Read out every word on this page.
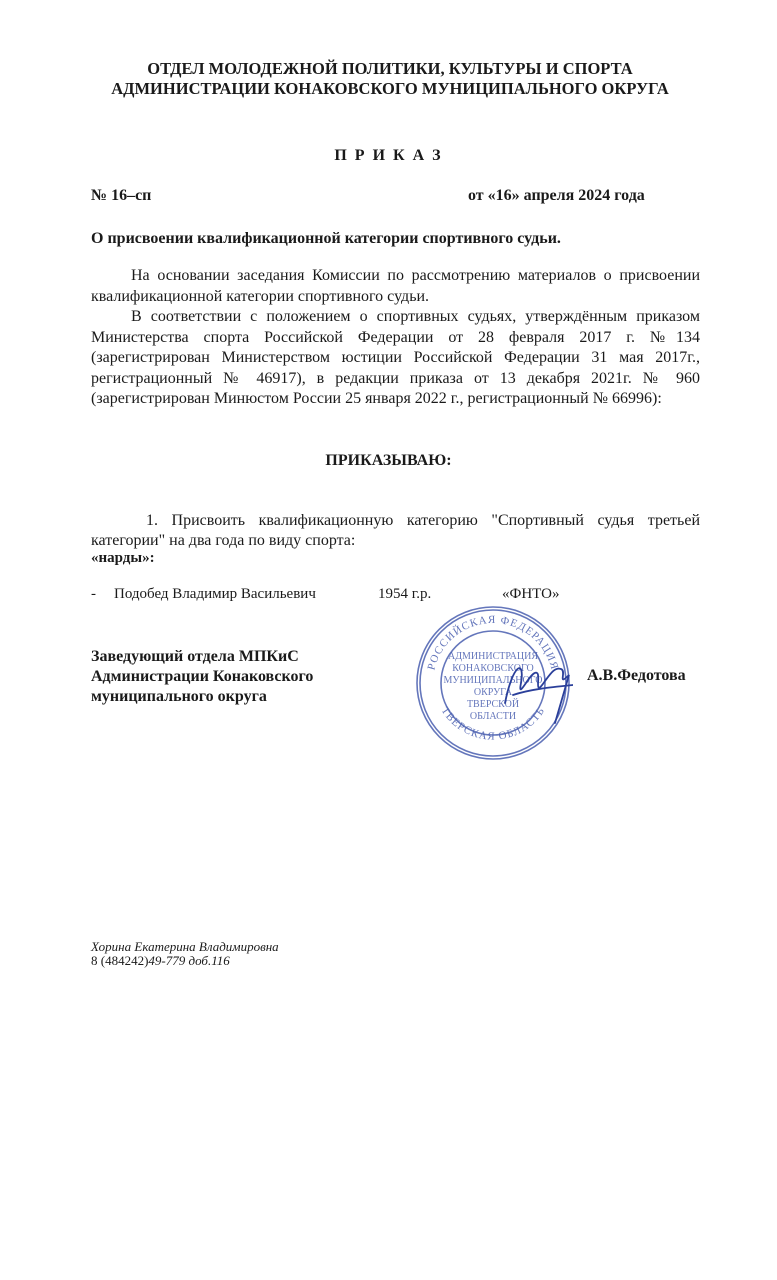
ОТДЕЛ МОЛОДЕЖНОЙ ПОЛИТИКИ, КУЛЬТУРЫ И СПОРТА
АДМИНИСТРАЦИИ КОНАКОВСКОГО МУНИЦИПАЛЬНОГО ОКРУГА
П Р И К А З
№ 16–сп	от «16» апреля 2024 года
О присвоении квалификационной категории спортивного судьи.
На основании заседания Комиссии по рассмотрению материалов о присвоении квалификационной категории спортивного судьи.
В соответствии с положением о спортивных судьях, утверждённым приказом Министерства спорта Российской Федерации от 28 февраля 2017 г. №134 (зарегистрирован Министерством юстиции Российской Федерации 31 мая 2017г., регистрационный № 46917), в редакции приказа от 13 декабря 2021г. № 960 (зарегистрирован Минюстом России 25 января 2022 г., регистрационный № 66996):
ПРИКАЗЫВАЮ:
1. Присвоить квалификационную категорию "Спортивный судья третьей категории" на два года по виду спорта:
«нарды»:
- Подобед Владимир Васильевич	1954 г.р.	«ФНТО»
Заведующий отдела МПКиС
Администрации Конаковского
муниципального округа
РОССИЙСКАЯ ФЕДЕРАЦИЯ
ТВЕРСКАЯ ОБЛАСТЬ
АДМИНИСТРАЦИЯ
КОНАКОВСКОГО
МУНИЦИПАЛЬНОГО
ОКРУГА
ТВЕРСКОЙ
ОБЛАСТИ
А.В.Федотова
Хорина Екатерина Владимировна
8 (484242)49-779 доб.116
